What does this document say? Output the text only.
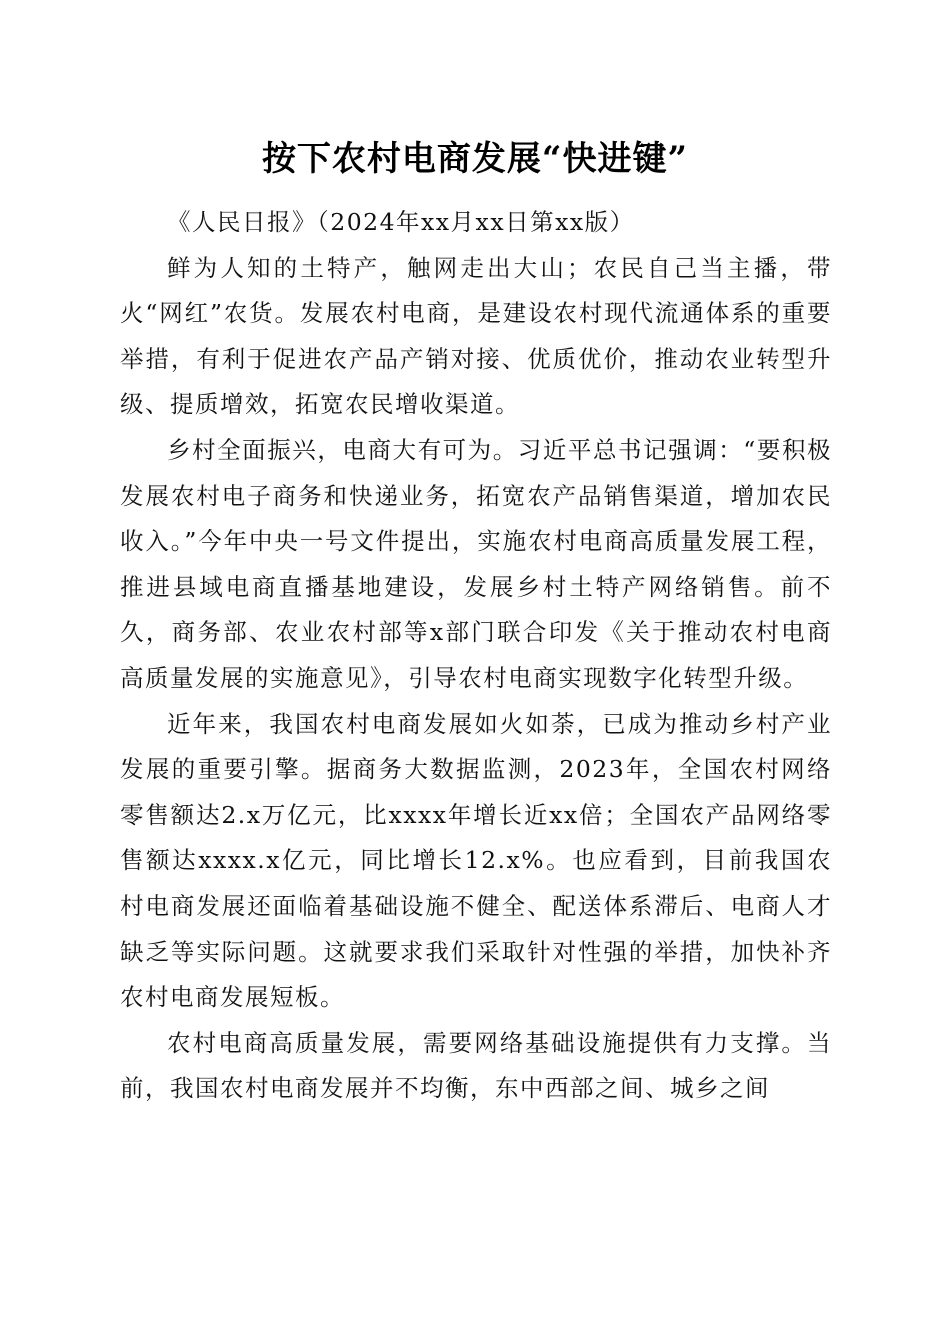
按下农村电商发展“快进键”

《人民日报》（2024年xx月xx日第xx版）

鲜为人知的土特产，触网走出大山；农民自己当主播，带火“网红”农货。发展农村电商，是建设农村现代流通体系的重要举措，有利于促进农产品产销对接、优质优价，推动农业转型升级、提质增效，拓宽农民增收渠道。

乡村全面振兴，电商大有可为。习近平总书记强调：“要积极发展农村电子商务和快递业务，拓宽农产品销售渠道，增加农民收入。”今年中央一号文件提出，实施农村电商高质量发展工程，推进县域电商直播基地建设，发展乡村土特产网络销售。前不久，商务部、农业农村部等x部门联合印发《关于推动农村电商高质量发展的实施意见》，引导农村电商实现数字化转型升级。

近年来，我国农村电商发展如火如荼，已成为推动乡村产业发展的重要引擎。据商务大数据监测，2023年，全国农村网络零售额达2.x万亿元，比xxxx年增长近xx倍；全国农产品网络零售额达xxxx.x亿元，同比增长12.x%。也应看到，目前我国农村电商发展还面临着基础设施不健全、配送体系滞后、电商人才缺乏等实际问题。这就要求我们采取针对性强的举措，加快补齐农村电商发展短板。

农村电商高质量发展，需要网络基础设施提供有力支撑。当前，我国农村电商发展并不均衡，东中西部之间、城乡之间
